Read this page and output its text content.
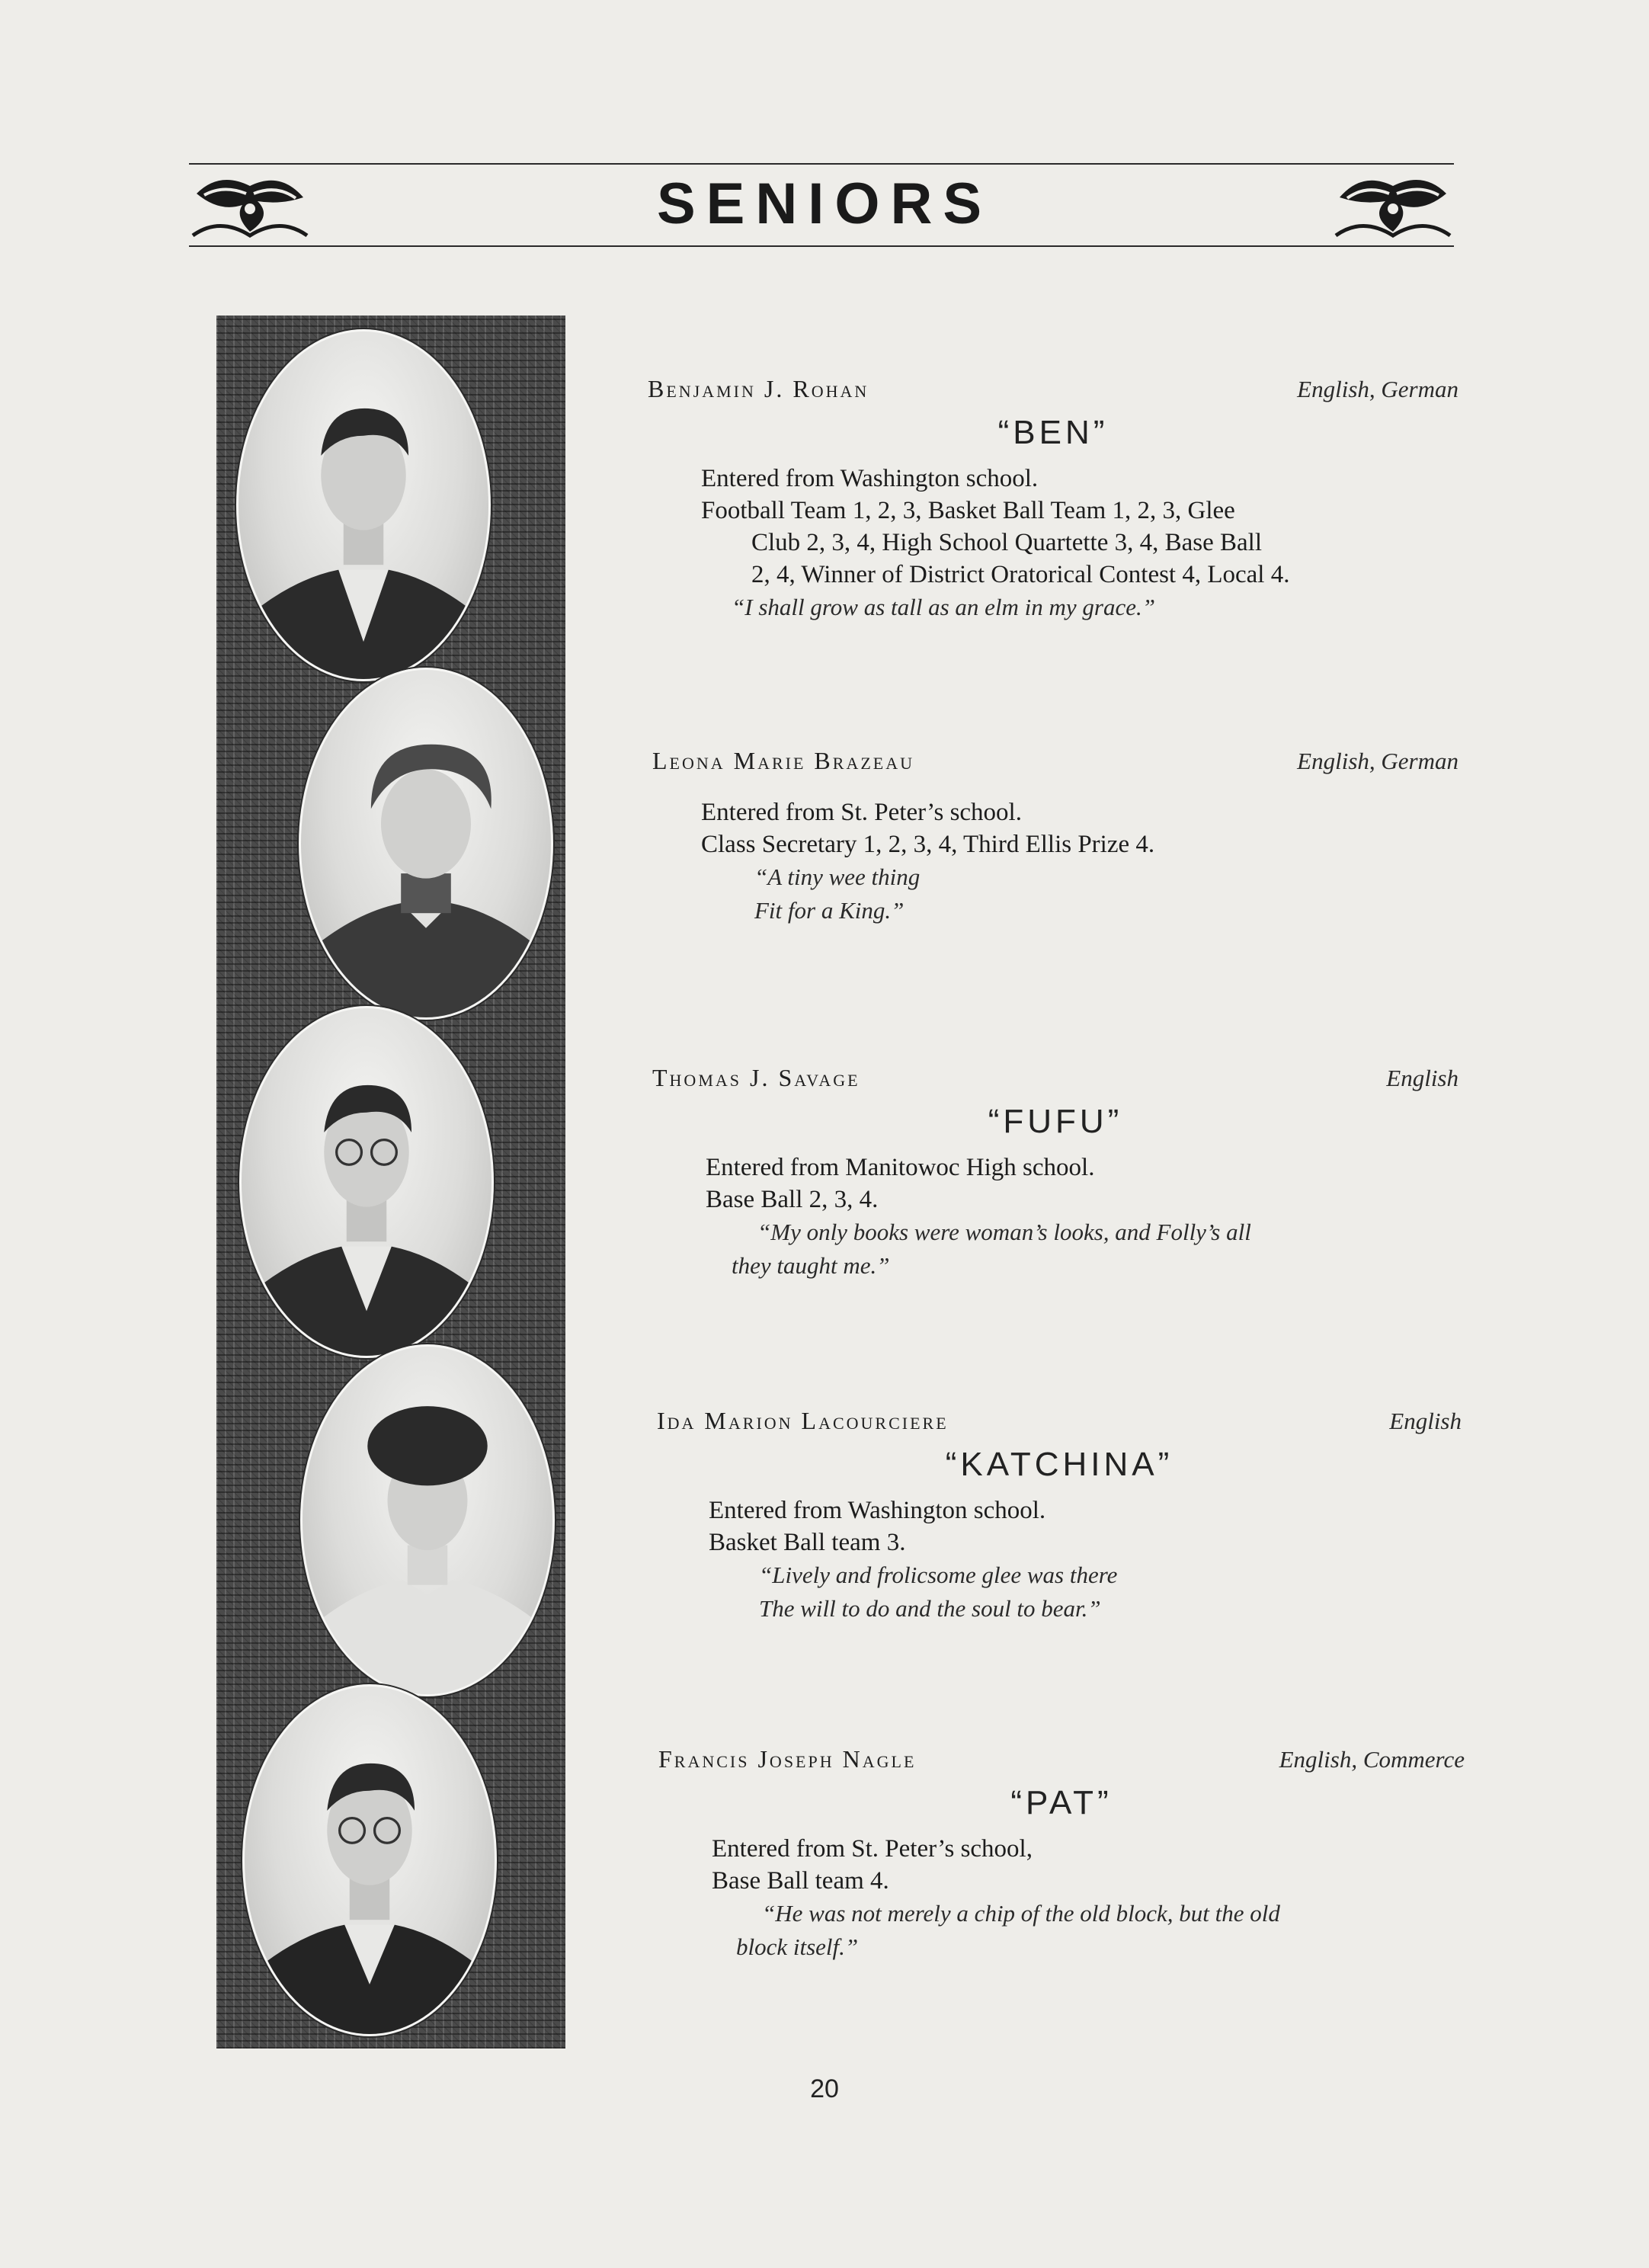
SENIORS
Benjamin J. Rohan	English, German
“BEN”
Entered from Washington school.
Football Team 1, 2, 3, Basket Ball Team 1, 2, 3, Glee
Club 2, 3, 4, High School Quartette 3, 4, Base Ball
2, 4, Winner of District Oratorical Contest 4, Local 4.
“I shall grow as tall as an elm in my grace.”
Leona Marie Brazeau	English, German
Entered from St. Peter’s school.
Class Secretary 1, 2, 3, 4, Third Ellis Prize 4.
“A tiny wee thing
Fit for a King.”
Thomas J. Savage	English
“FUFU”
Entered from Manitowoc High school.
Base Ball 2, 3, 4.
“My only books were woman’s looks, and Folly’s all
they taught me.”
Ida Marion Lacourciere	English
“KATCHINA”
Entered from Washington school.
Basket Ball team 3.
“Lively and frolicsome glee was there
The will to do and the soul to bear.”
Francis Joseph Nagle	English, Commerce
“PAT”
Entered from St. Peter’s school,
Base Ball team 4.
“He was not merely a chip of the old block, but the old
block itself.”
20
